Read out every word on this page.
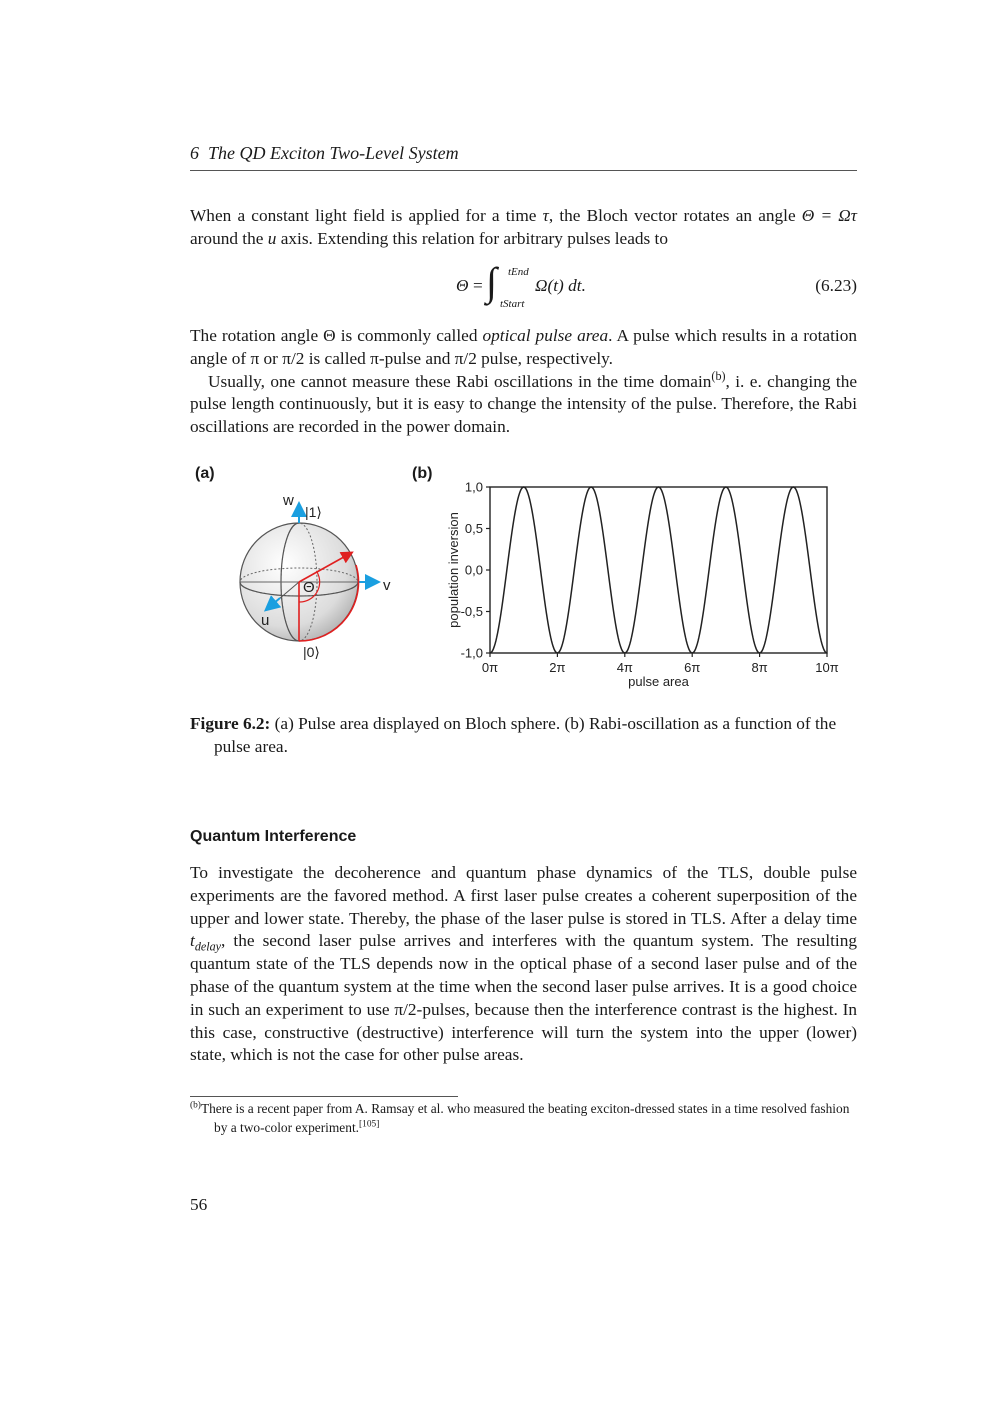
6 The QD Exciton Two-Level System
When a constant light field is applied for a time τ, the Bloch vector rotates an angle Θ = Ωτ around the u axis. Extending this relation for arbitrary pulses leads to
Θ = ∫ tEnd
tStart
Ω(t) dt.	(6.23)
The rotation angle Θ is commonly called optical pulse area. A pulse which results in a rotation angle of π or π/2 is called π-pulse and π/2 pulse, respectively.
Usually, one cannot measure these Rabi oscillations in the time domain$^{(b)}$, i. e. changing the pulse length continuously, but it is easy to change the intensity of the pulse. Therefore, the Rabi oscillations are recorded in the power domain.
(a)	(b)
Θ
w
|1⟩
v
u
|0⟩
1,0
0,5
0,0
-0,5
-1,0
0π	2π	4π	6π	8π	10π
pulse area
population inversion
Figure 6.2: (a) Pulse area displayed on Bloch sphere. (b) Rabi-oscillation as a function of the pulse area.
Quantum Interference
To investigate the decoherence and quantum phase dynamics of the TLS, double pulse experiments are the favored method. A first laser pulse creates a coherent superposition of the upper and lower state. Thereby, the phase of the laser pulse is stored in TLS. After a delay time $t_{delay}$, the second laser pulse arrives and interferes with the quantum system. The resulting quantum state of the TLS depends now in the optical phase of a second laser pulse and of the phase of the quantum system at the time when the second laser pulse arrives. It is a good choice in such an experiment to use π/2-pulses, because then the interference contrast is the highest. In this case, constructive (destructive) interference will turn the system into the upper (lower) state, which is not the case for other pulse areas.
$^{(b)}$There is a recent paper from A. Ramsay et al. who measured the beating exciton-dressed states in a time resolved fashion by a two-color experiment.[105]
56
